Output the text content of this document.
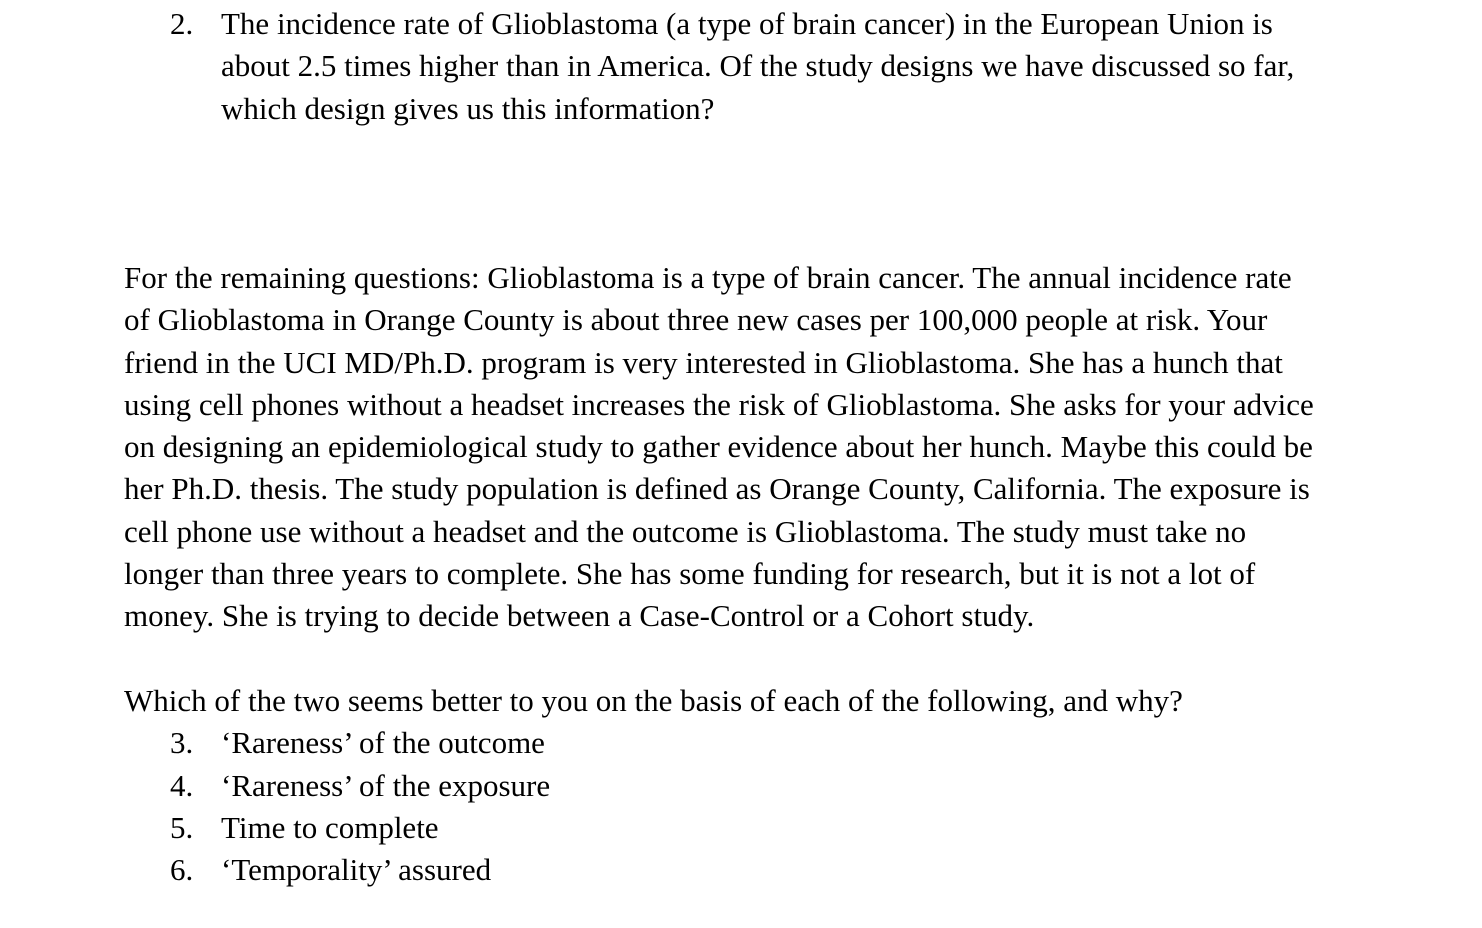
2. The incidence rate of Glioblastoma (a type of brain cancer) in the European Union is
about 2.5 times higher than in America. Of the study designs we have discussed so far,
which design gives us this information?
For the remaining questions: Glioblastoma is a type of brain cancer. The annual incidence rate
of Glioblastoma in Orange County is about three new cases per 100,000 people at risk. Your
friend in the UCI MD/Ph.D. program is very interested in Glioblastoma. She has a hunch that
using cell phones without a headset increases the risk of Glioblastoma. She asks for your advice
on designing an epidemiological study to gather evidence about her hunch. Maybe this could be
her Ph.D. thesis. The study population is defined as Orange County, California. The exposure is
cell phone use without a headset and the outcome is Glioblastoma. The study must take no
longer than three years to complete. She has some funding for research, but it is not a lot of
money. She is trying to decide between a Case-Control or a Cohort study.
Which of the two seems better to you on the basis of each of the following, and why?
3. ‘Rareness’ of the outcome
4. ‘Rareness’ of the exposure
5. Time to complete
6. ‘Temporality’ assured
